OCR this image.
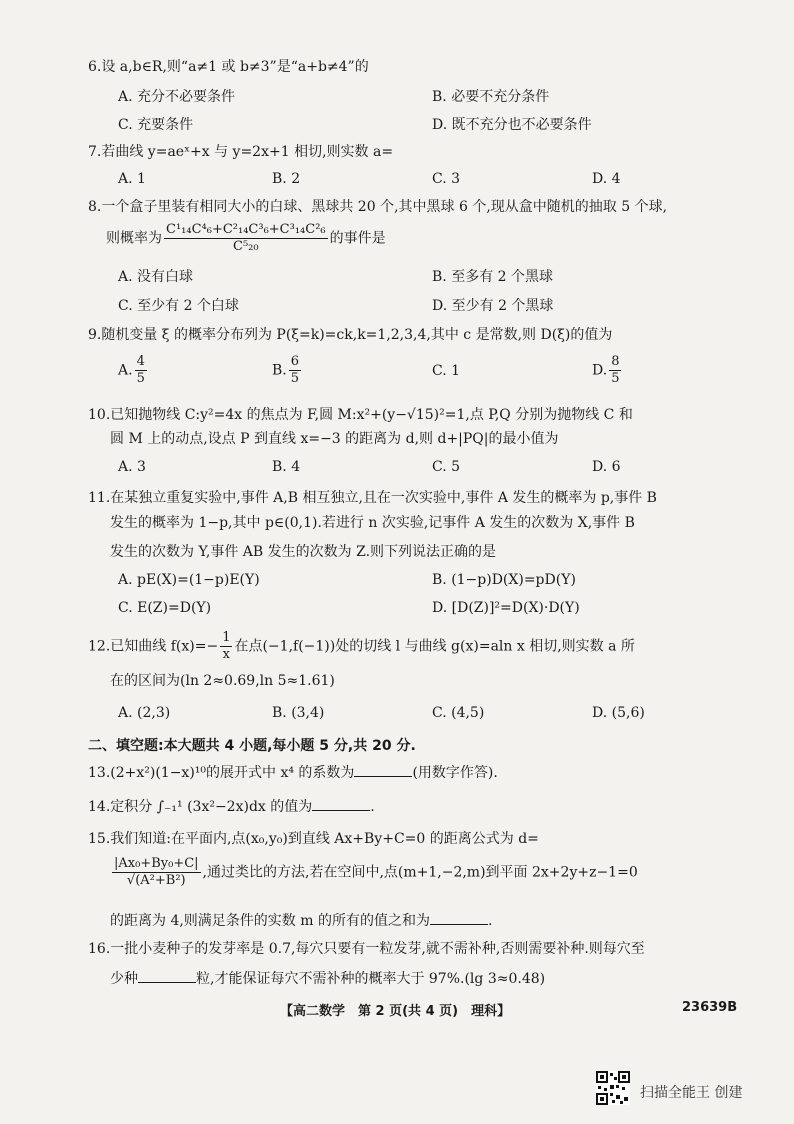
6.设 a,b∈R,则“a≠1 或 b≠3”是“a+b≠4”的
A. 充分不必要条件	B. 必要不充分条件
C. 充要条件	D. 既不充分也不必要条件
7.若曲线 y=aeˣ+x 与 y=2x+1 相切,则实数 a=
A. 1	B. 2	C. 3	D. 4
8.一个盒子里装有相同大小的白球、黑球共 20 个,其中黑球 6 个,现从盒中随机的抽取 5 个球,
则概率为 $\frac{\text{C¹₁₄C⁴₆+C²₁₄C³₆+C³₁₄C²₆}}{\text{C⁵₂₀}}$ 的事件是
A. 没有白球	B. 至多有 2 个黑球
C. 至少有 2 个白球	D. 至少有 2 个黑球
9.随机变量 ξ 的概率分布列为 P(ξ=k)=ck,k=1,2,3,4,其中 c 是常数,则 D(ξ)的值为
A. $\frac{4}{5}$	B. $\frac{6}{5}$	C. 1	D. $\frac{8}{5}$
10.已知抛物线 C:y²=4x 的焦点为 F,圆 M:x²+(y−√15)²=1,点 P,Q 分别为抛物线 C 和
圆 M 上的动点,设点 P 到直线 x=−3 的距离为 d,则 d+|PQ|的最小值为
A. 3	B. 4	C. 5	D. 6
11.在某独立重复实验中,事件 A,B 相互独立,且在一次实验中,事件 A 发生的概率为 p,事件 B
发生的概率为 1−p,其中 p∈(0,1).若进行 n 次实验,记事件 A 发生的次数为 X,事件 B
发生的次数为 Y,事件 AB 发生的次数为 Z.则下列说法正确的是
A. pE(X)=(1−p)E(Y)	B. (1−p)D(X)=pD(Y)
C. E(Z)=D(Y)	D. [D(Z)]²=D(X)·D(Y)
12.已知曲线 $f(x)=- \frac{1}{x}$ 在点(−1,f(−1))处的切线 l 与曲线 g(x)=aln x 相切,则实数 a 所
在的区间为(ln 2≈0.69,ln 5≈1.61)
二、填空题:本大题共 4 小题,每小题 5 分,共 20 分.
A. (2,3)	B. (3,4)	C. (4,5)	D. (5,6)
13.(2+x²)(1−x)¹⁰的展开式中 x⁴ 的系数为	(用数字作答).
14.定积分 ∫₋₁¹ (3x²−2x)dx 的值为	.
15.我们知道:在平面内,点(x₀,y₀)到直线 Ax+By+C=0 的距离公式为 d=
$\frac{\text{|Ax₀+By₀+C|}}{\text{√(A²+B²)}}$ ,通过类比的方法,若在空间中,点(m+1,−2,m)到平面 2x+2y+z−1=0
的距离为 4,则满足条件的实数 m 的所有的值之和为	.
16.一批小麦种子的发芽率是 0.7,每穴只要有一粒发芽,就不需补种,否则需要补种.则每穴至
少种	粒,才能保证每穴不需补种的概率大于 97%.(lg 3≈0.48)
【高二数学　第 2 页(共 4 页)　理科】	23639B
扫描全能王 创建
